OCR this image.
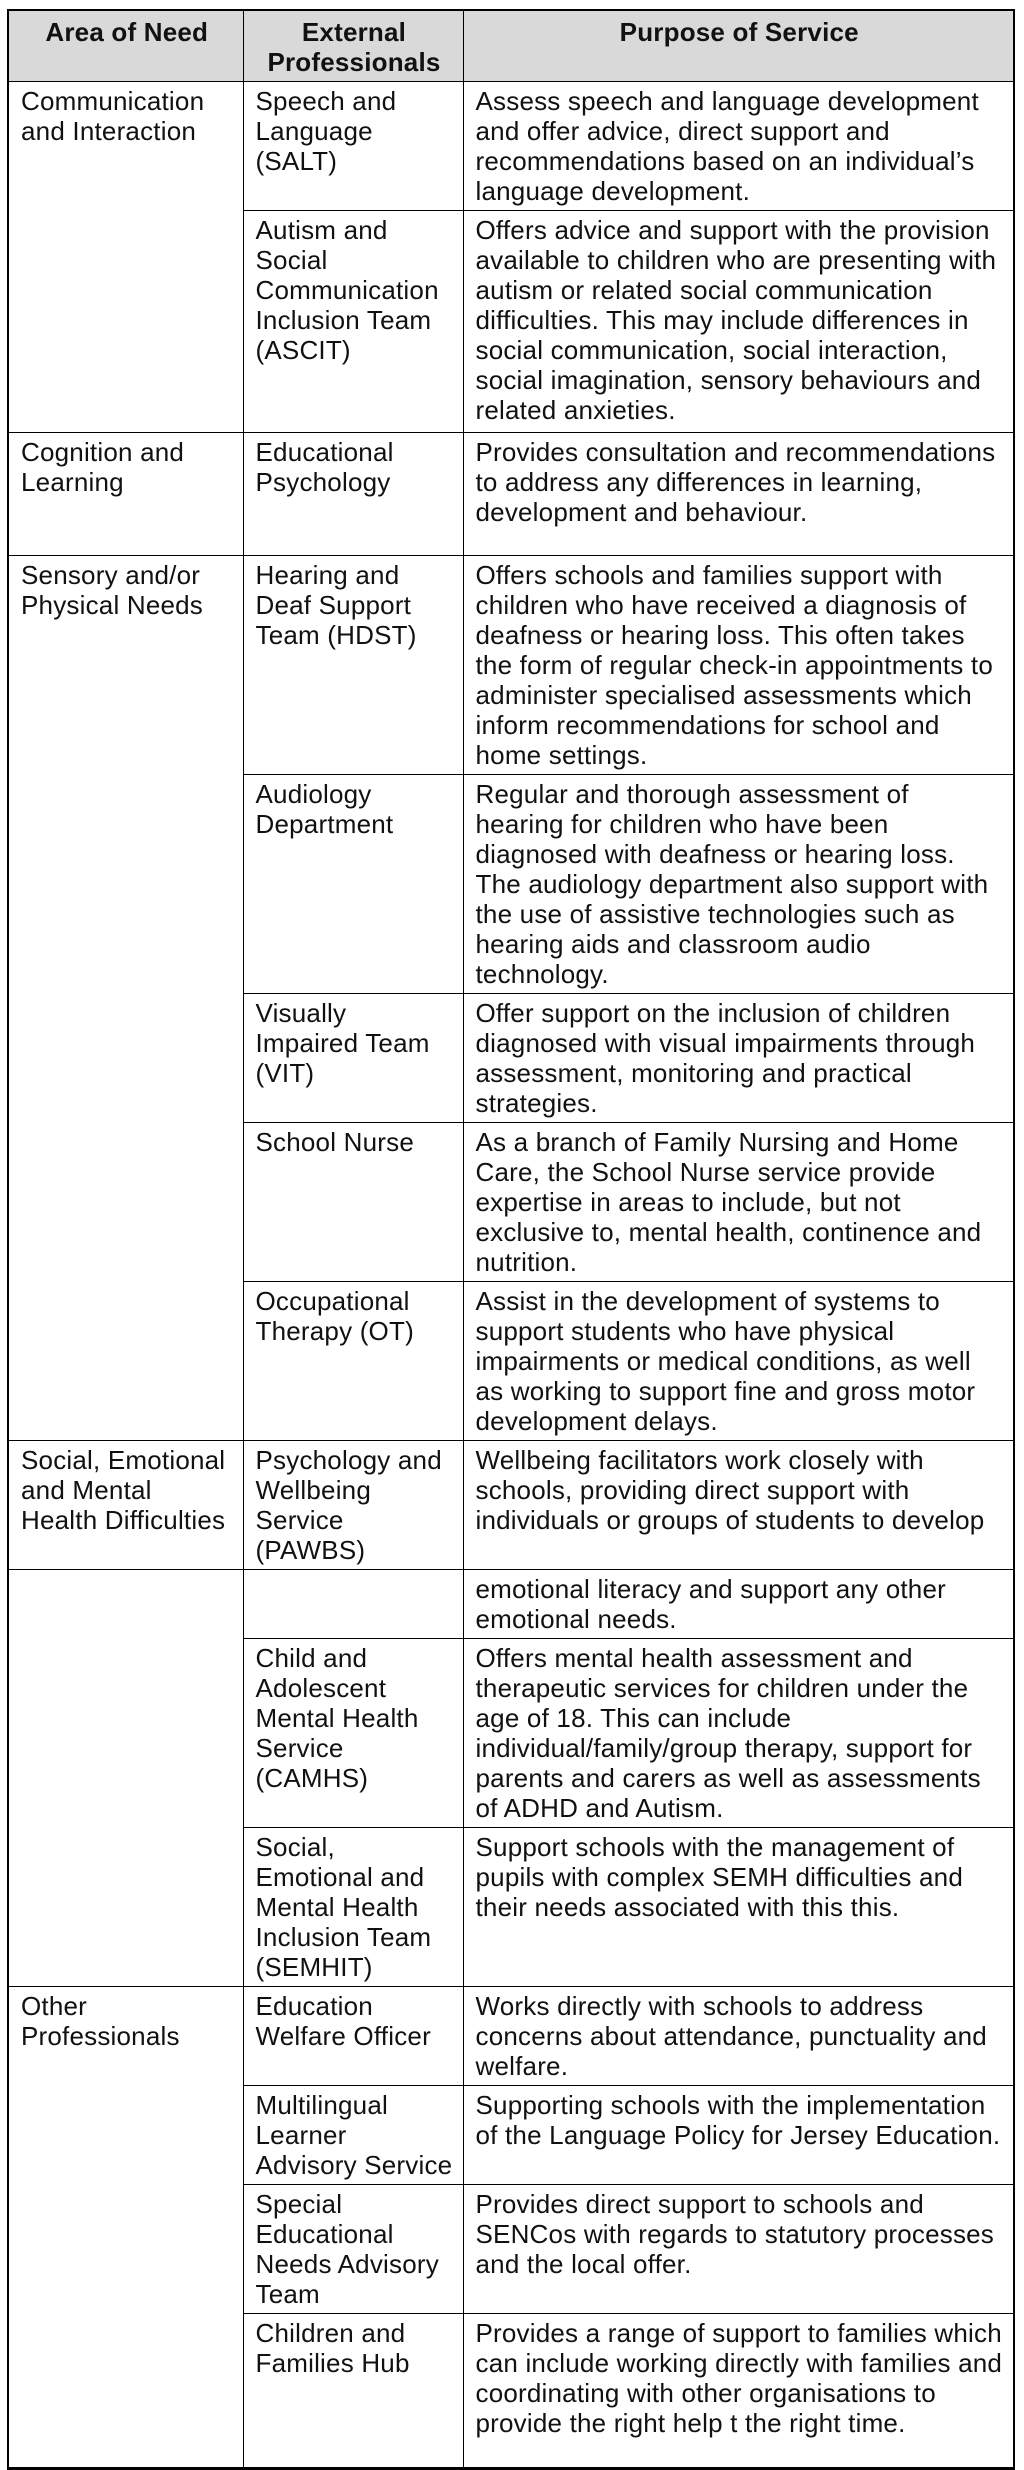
Area of Need	External Professionals	Purpose of Service
Communication and Interaction	Speech and Language (SALT)	Assess speech and language development and offer advice, direct support and recommendations based on an individual’s language development.
	Autism and Social Communication Inclusion Team (ASCIT)	Offers advice and support with the provision available to children who are presenting with autism or related social communication difficulties. This may include differences in social communication, social interaction, social imagination, sensory behaviours and related anxieties.
Cognition and Learning	Educational Psychology	Provides consultation and recommendations to address any differences in learning, development and behaviour.
Sensory and/or Physical Needs	Hearing and Deaf Support Team (HDST)	Offers schools and families support with children who have received a diagnosis of deafness or hearing loss. This often takes the form of regular check-in appointments to administer specialised assessments which inform recommendations for school and home settings.
	Audiology Department	Regular and thorough assessment of hearing for children who have been diagnosed with deafness or hearing loss. The audiology department also support with the use of assistive technologies such as hearing aids and classroom audio technology.
	Visually Impaired Team (VIT)	Offer support on the inclusion of children diagnosed with visual impairments through assessment, monitoring and practical strategies.
	School Nurse	As a branch of Family Nursing and Home Care, the School Nurse service provide expertise in areas to include, but not exclusive to, mental health, continence and nutrition.
	Occupational Therapy (OT)	Assist in the development of systems to support students who have physical impairments or medical conditions, as well as working to support fine and gross motor development delays.
Social, Emotional and Mental Health Difficulties	Psychology and Wellbeing Service (PAWBS)	Wellbeing facilitators work closely with schools, providing direct support with individuals or groups of students to develop
		emotional literacy and support any other emotional needs.
	Child and Adolescent Mental Health Service (CAMHS)	Offers mental health assessment and therapeutic services for children under the age of 18. This can include individual/family/group therapy, support for parents and carers as well as assessments of ADHD and Autism.
	Social, Emotional and Mental Health Inclusion Team (SEMHIT)	Support schools with the management of pupils with complex SEMH difficulties and their needs associated with this this.
Other Professionals	Education Welfare Officer	Works directly with schools to address concerns about attendance, punctuality and welfare.
	Multilingual Learner Advisory Service	Supporting schools with the implementation of the Language Policy for Jersey Education.
	Special Educational Needs Advisory Team	Provides direct support to schools and SENCos with regards to statutory processes and the local offer.
	Children and Families Hub	Provides a range of support to families which can include working directly with families and coordinating with other organisations to provide the right help t the right time.
